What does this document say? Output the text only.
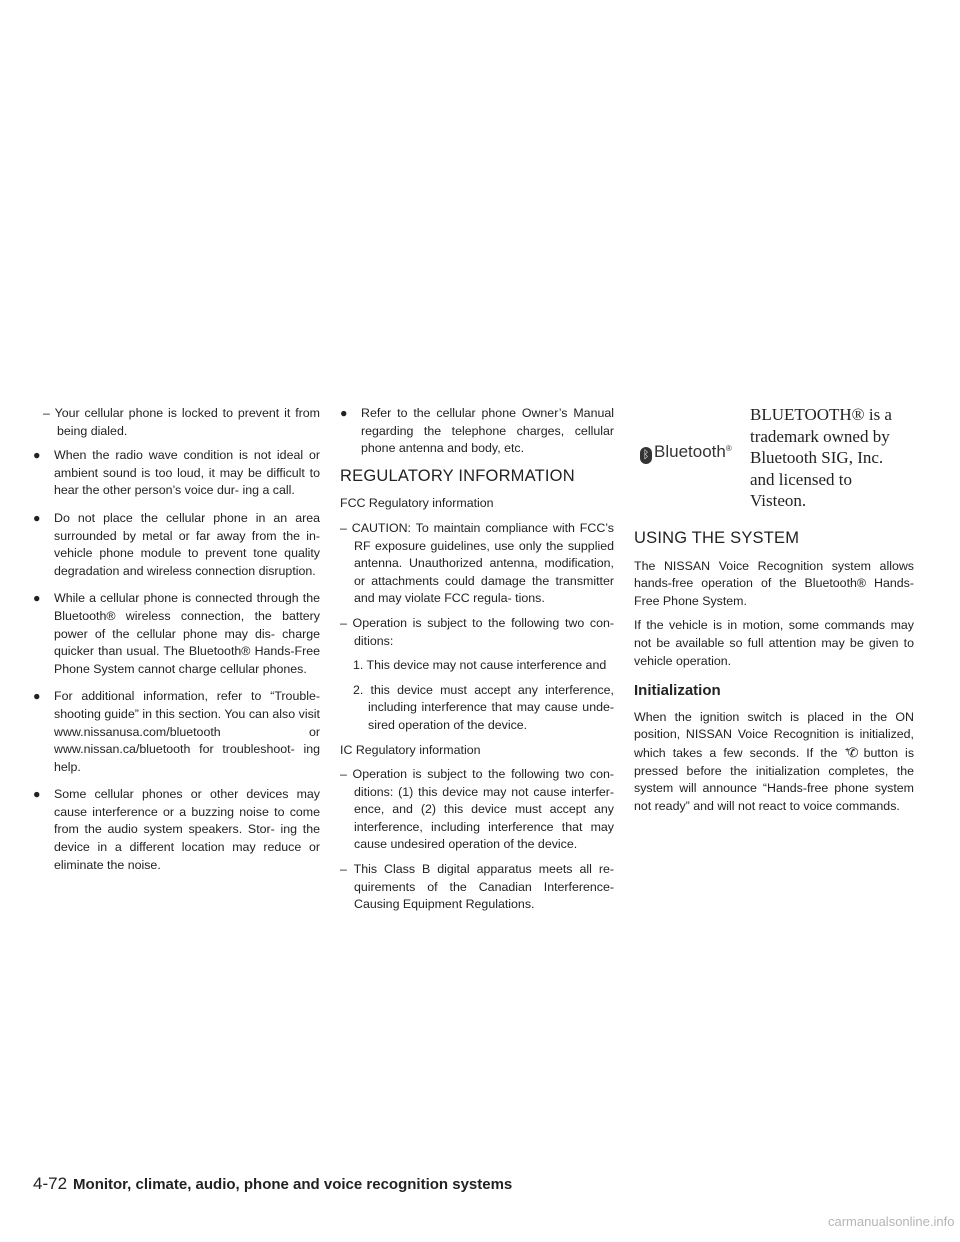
– Your cellular phone is locked to prevent it from being dialed.

● When the radio wave condition is not ideal or ambient sound is too loud, it may be difficult to hear the other person’s voice dur- ing a call.
● Do not place the cellular phone in an area surrounded by metal or far away from the in-vehicle phone module to prevent tone quality degradation and wireless connection disruption.
● While a cellular phone is connected through the Bluetooth® wireless connection, the battery power of the cellular phone may dis- charge quicker than usual. The Bluetooth® Hands-Free Phone System cannot charge cellular phones.
● For additional information, refer to “Trouble- shooting guide” in this section. You can also visit www.nissanusa.com/bluetooth or www.nissan.ca/bluetooth for troubleshoot- ing help.
● Some cellular phones or other devices may cause interference or a buzzing noise to come from the audio system speakers. Stor- ing the device in a different location may reduce or eliminate the noise.
● Refer to the cellular phone Owner’s Manual regarding the telephone charges, cellular phone antenna and body, etc.
REGULATORY INFORMATION

FCC Regulatory information

– CAUTION: To maintain compliance with FCC’s RF exposure guidelines, use only the supplied antenna. Unauthorized antenna, modification, or attachments could damage the transmitter and may violate FCC regula- tions.

– Operation is subject to the following two con- ditions:

1. This device may not cause interference and

2. this device must accept any interference, including interference that may cause unde- sired operation of the device.

IC Regulatory information

– Operation is subject to the following two con- ditions: (1) this device may not cause interfer- ence, and (2) this device must accept any interference, including interference that may cause undesired operation of the device.

– This Class B digital apparatus meets all re- quirements of the Canadian Interference- Causing Equipment Regulations.

ᛒ Bluetooth®
BLUETOOTH® is a trademark owned by Bluetooth SIG, Inc. and licensed to Visteon.
USING THE SYSTEM

The NISSAN Voice Recognition system allows hands-free operation of the Bluetooth® Hands- Free Phone System.

If the vehicle is in motion, some commands may not be available so full attention may be given to vehicle operation.

Initialization

When the ignition switch is placed in the ON position, NISSAN Voice Recognition is initialized, which takes a few seconds. If the ᐩ✆ button is pressed before the initialization completes, the system will announce “Hands-free phone system not ready” and will not react to voice commands.

4-72 Monitor, climate, audio, phone and voice recognition systems
carmanualsonline.info
